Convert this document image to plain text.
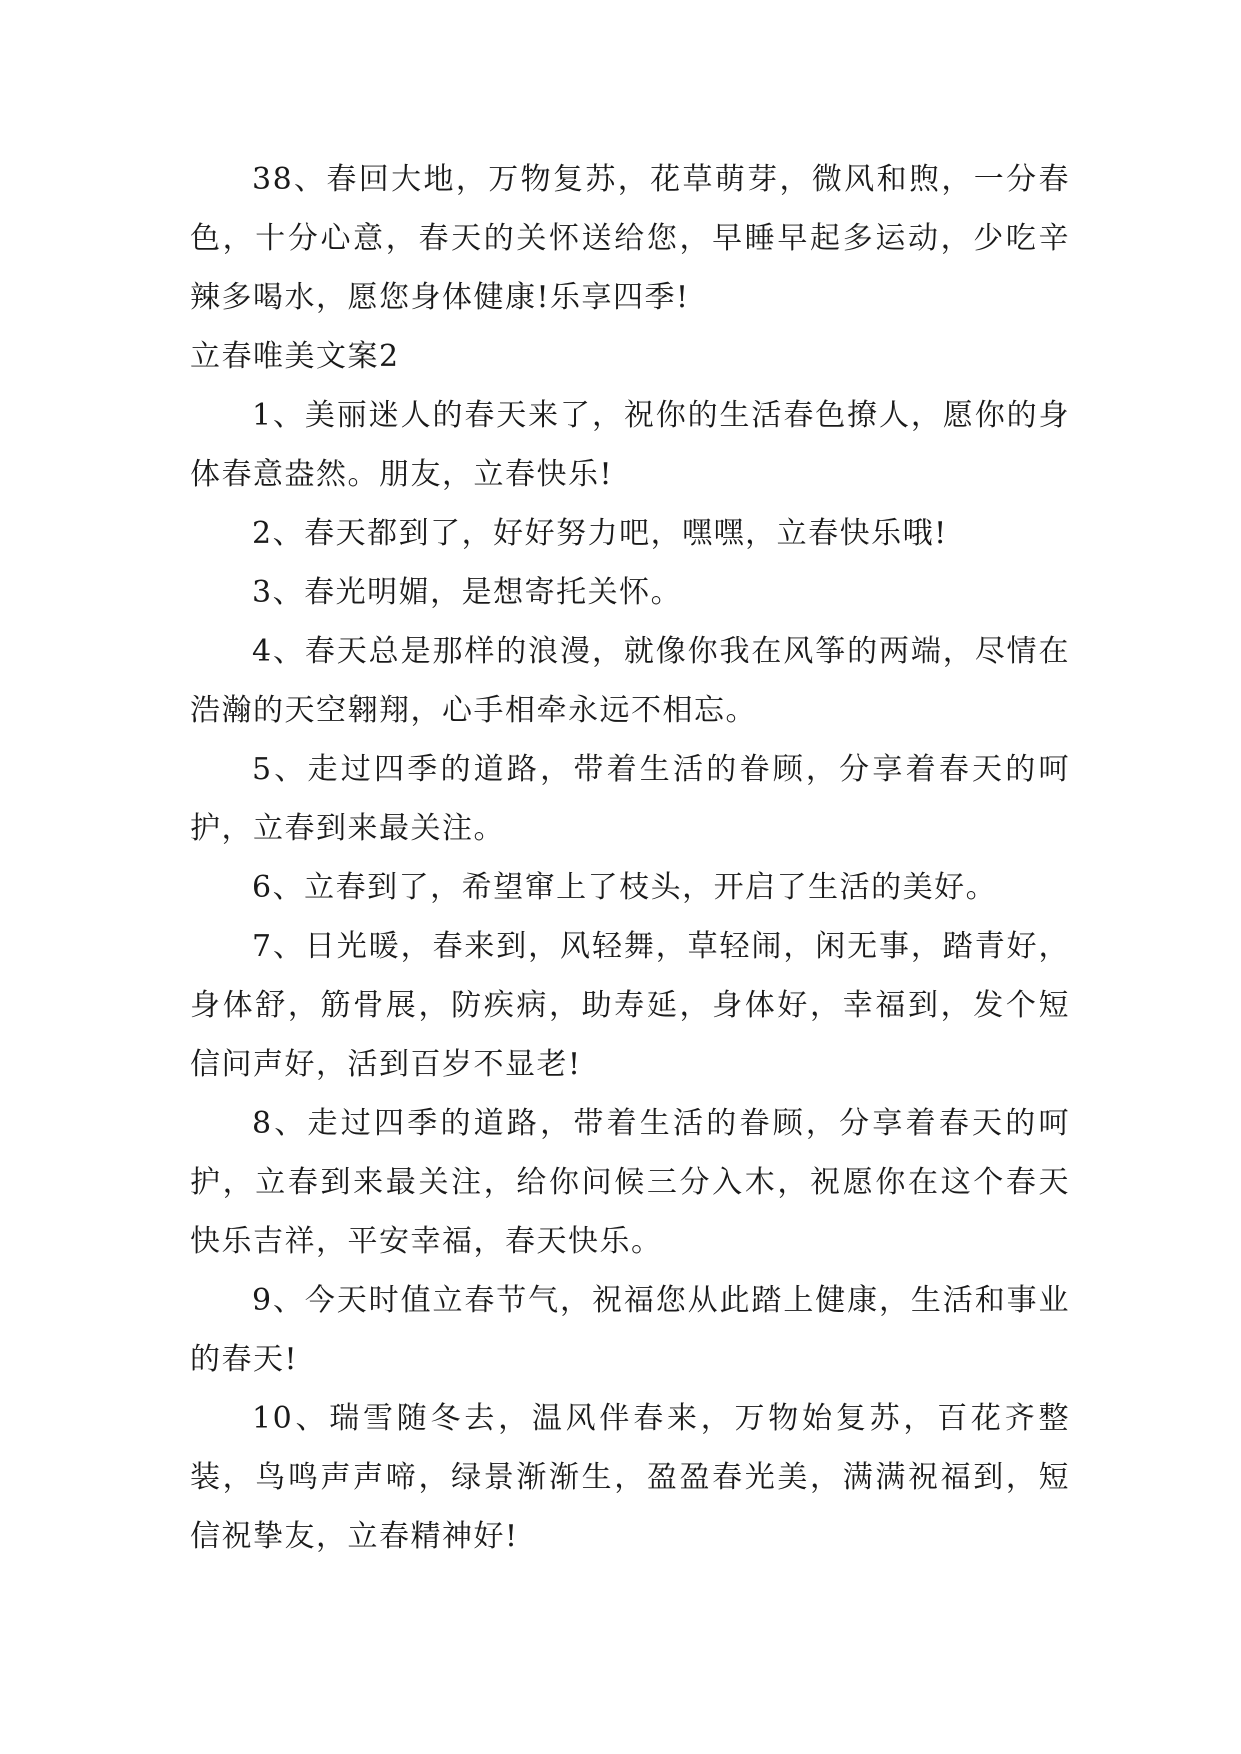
38、春回大地，万物复苏，花草萌芽，微风和煦，一分春色，十分心意，春天的关怀送给您，早睡早起多运动，少吃辛辣多喝水，愿您身体健康!乐享四季!

立春唯美文案2

1、美丽迷人的春天来了，祝你的生活春色撩人，愿你的身体春意盎然。朋友，立春快乐!

2、春天都到了，好好努力吧，嘿嘿，立春快乐哦!

3、春光明媚，是想寄托关怀。

4、春天总是那样的浪漫，就像你我在风筝的两端，尽情在浩瀚的天空翱翔，心手相牵永远不相忘。

5、走过四季的道路，带着生活的眷顾，分享着春天的呵护，立春到来最关注。

6、立春到了，希望窜上了枝头，开启了生活的美好。

7、日光暖，春来到，风轻舞，草轻闹，闲无事，踏青好，身体舒，筋骨展，防疾病，助寿延，身体好，幸福到，发个短信问声好，活到百岁不显老!

8、走过四季的道路，带着生活的眷顾，分享着春天的呵护，立春到来最关注，给你问候三分入木，祝愿你在这个春天快乐吉祥，平安幸福，春天快乐。

9、今天时值立春节气，祝福您从此踏上健康，生活和事业的春天!

10、瑞雪随冬去，温风伴春来，万物始复苏，百花齐整装，鸟鸣声声啼，绿景渐渐生，盈盈春光美，满满祝福到，短信祝挚友，立春精神好!
